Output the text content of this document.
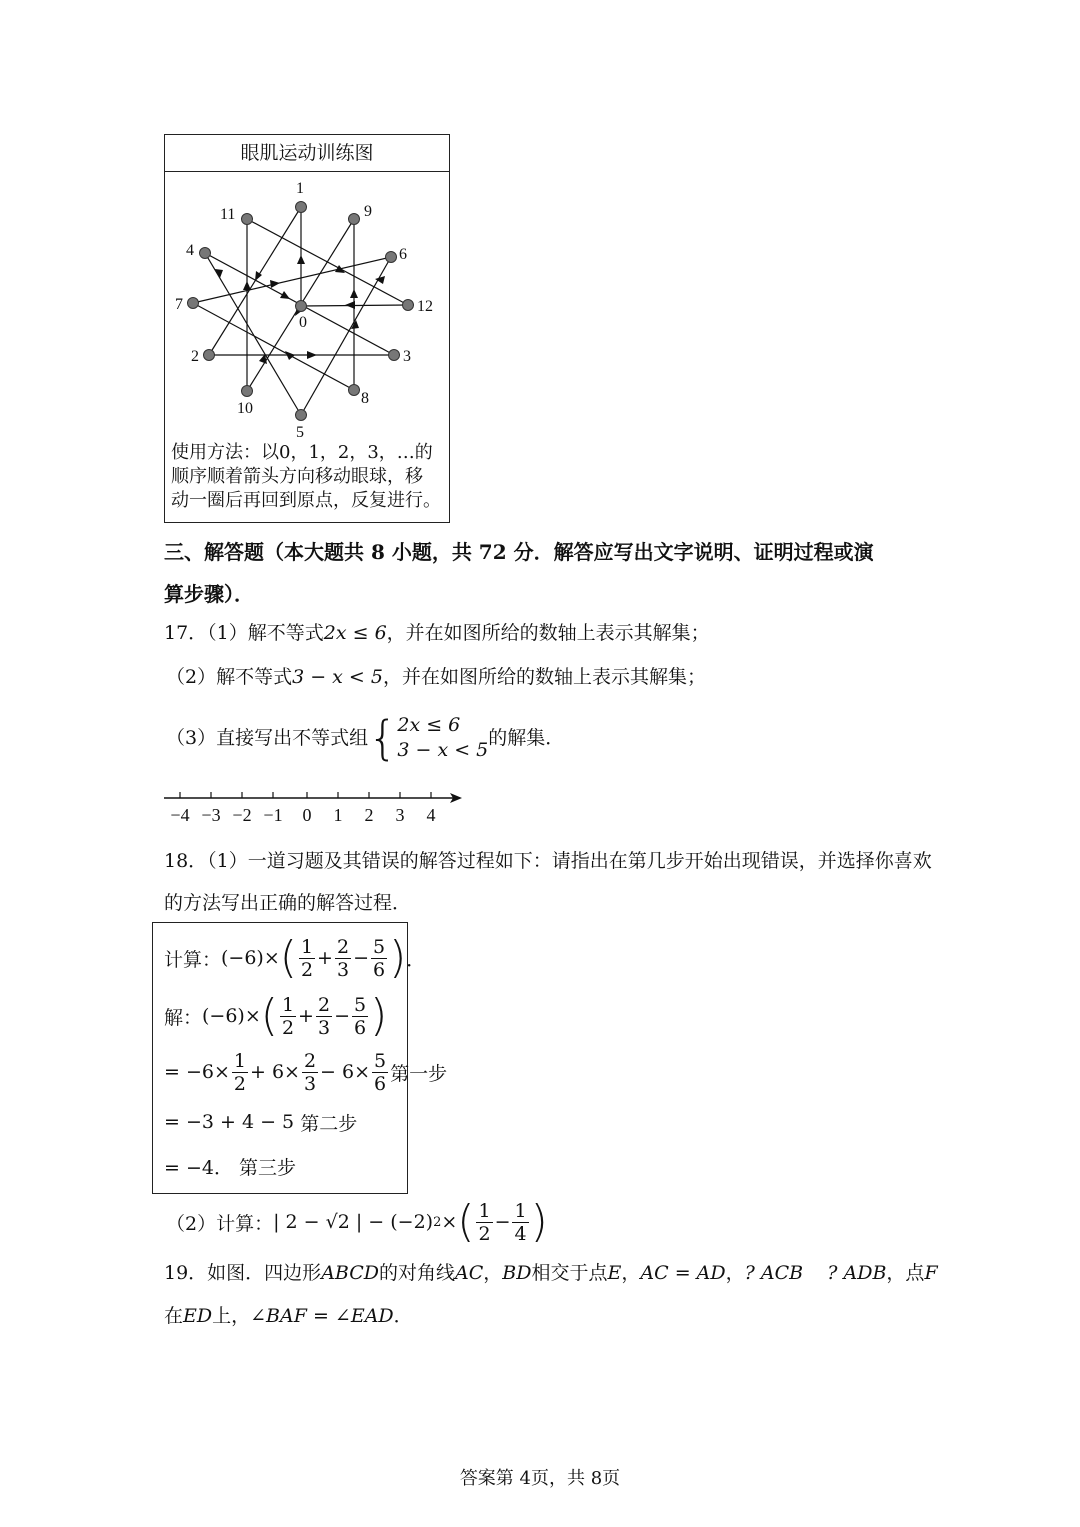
眼肌运动训练图
0
1
2	3
4
5
6
7
8
9
10
11
12
使用方法：以0，1，2，3，…的
顺序顺着箭头方向移动眼球，移
动一圈后再回到原点，反复进行。
三、解答题（本大题共 8 小题，共 72 分．解答应写出文字说明、证明过程或演
算步骤）．
17．（1）解不等式2x ≤ 6，并在如图所给的数轴上表示其解集；
（2）解不等式3 − x < 5，并在如图所给的数轴上表示其解集；
（3）直接写出不等式组 { 2x ≤ 6
3 − x < 5
的解集．
−4 −3 −2 −1 0 1 2 3 4
18．（1）一道习题及其错误的解答过程如下：请指出在第几步开始出现错误，并选择你喜欢
的方法写出正确的解答过程．
计算： (−6)× ( $\frac{1}{2} + \frac{2}{3} - \frac{5}{6}$ ) ．
解： (−6)× ( $\frac{1}{2} + \frac{2}{3} - \frac{5}{6}$ )
= $-6\times \frac{1}{2} + 6\times \frac{2}{3} - 6\times \frac{5}{6}$ 第一步
= −3 + 4 − 5
第二步
= −4．
第三步
（2）计算： | 2 − √2 | − (−2) 2 × ( $\frac{1}{2} - \frac{1}{4}$ )
19．如图．四边形ABCD的对角线AC，BD相交于点E，AC = AD，? ACB ? ADB，点F
在ED上，∠BAF = ∠EAD．
答案第 4页，共 8页
